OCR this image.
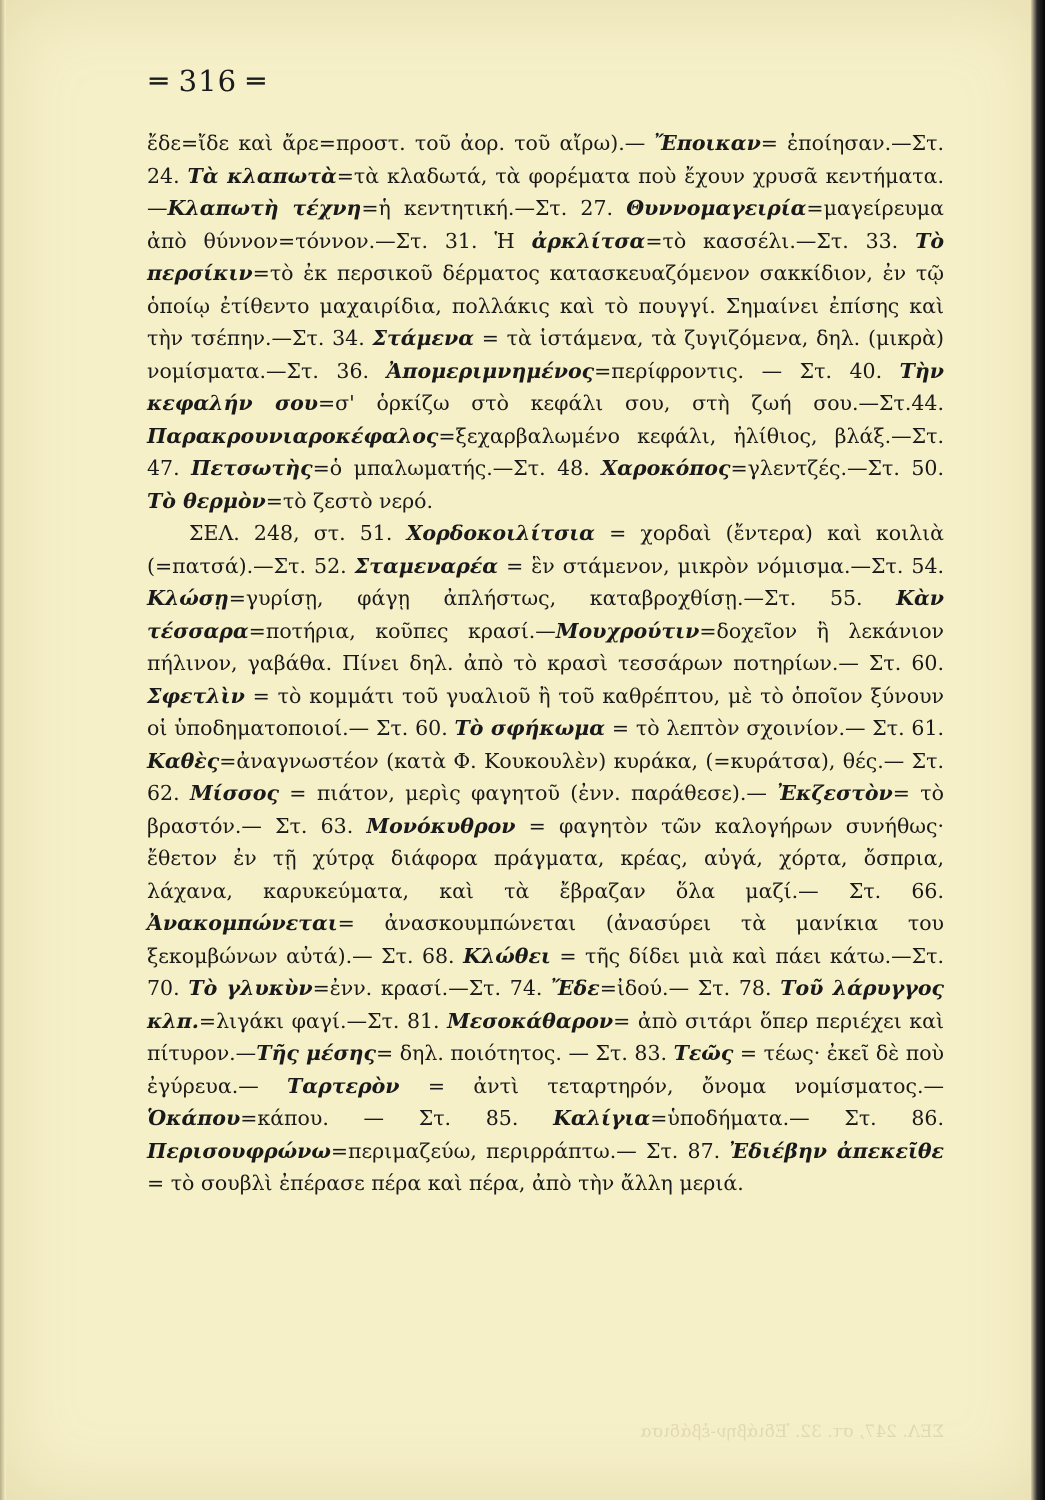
═ 316 ═

ἔδε=ἴδε καὶ ἄρε=προστ. τοῦ ἀορ. τοῦ αἴρω).— Ἔποικαν= ἐποίησαν.—Στ. 24. Τὰ κλαπωτὰ=τὰ κλαδωτά, τὰ φορέματα ποὺ ἔχουν χρυσᾶ κεντήματα.—Κλαπωτὴ τέχνη=ἡ κεντητική.—Στ. 27. Θυννομαγειρία=μαγείρευμα ἀπὸ θύννον=τόννον.—Στ. 31. Ἡ ἀρκλίτσα=τὸ κασσέλι.—Στ. 33. Τὸ περσίκιν=τὸ ἐκ περσικοῦ δέρματος κατασκευαζόμενον σακκίδιον, ἐν τῷ ὁποίῳ ἐτίθεντο μαχαιρίδια, πολλάκις καὶ τὸ πουγγί. Σημαίνει ἐπίσης καὶ τὴν τσέπην.—Στ. 34. Στάμενα = τὰ ἱστάμενα, τὰ ζυγιζόμενα, δηλ. (μικρὰ) νομίσματα.—Στ. 36. Ἀπομεριμνημένος=περίφροντις. — Στ. 40. Τὴν κεφαλήν σου=σ' ὁρκίζω στὸ κεφάλι σου, στὴ ζωή σου.—Στ.44. Παρακρουνιαροκέφαλος=ξεχαρβαλωμένο κεφάλι, ἠλίθιος, βλάξ.—Στ. 47. Πετσωτὴς=ὁ μπαλωματής.—Στ. 48. Χαροκόπος=γλεντζές.—Στ. 50. Τὸ θερμὸν=τὸ ζεστὸ νερό.

ΣΕΛ. 248, στ. 51. Χορδοκοιλίτσια = χορδαὶ (ἔντερα) καὶ κοιλιὰ (=πατσά).—Στ. 52. Σταμεναρέα = ἓν στάμενον, μικρὸν νόμισμα.—Στ. 54. Κλώσῃ=γυρίσῃ, φάγῃ ἀπλήστως, καταβροχθίσῃ.—Στ. 55. Κὰν τέσσαρα=ποτήρια, κοῦπες κρασί.—Μουχρούτιν=δοχεῖον ἢ λεκάνιον πήλινον, γαβάθα. Πίνει δηλ. ἀπὸ τὸ κρασὶ τεσσάρων ποτηρίων.— Στ. 60. Σφετλὶν = τὸ κομμάτι τοῦ γυαλιοῦ ἢ τοῦ καθρέπτου, μὲ τὸ ὁποῖον ξύνουν οἱ ὑποδηματοποιοί.— Στ. 60. Τὸ σφήκωμα = τὸ λεπτὸν σχοινίον.— Στ. 61. Καθὲς=ἀναγνωστέον (κατὰ Φ. Κουκουλὲν) κυράκα, (=κυράτσα), θές.— Στ. 62. Μίσσος = πιάτον, μερὶς φαγητοῦ (ἐνν. παράθεσε).— Ἐκζεστὸν= τὸ βραστόν.— Στ. 63. Μονόκυθρον = φαγητὸν τῶν καλογήρων συνήθως· ἔθετον ἐν τῇ χύτρᾳ διάφορα πράγματα, κρέας, αὐγά, χόρτα, ὄσπρια, λάχανα, καρυκεύματα, καὶ τὰ ἔβραζαν ὅλα μαζί.— Στ. 66. Ἀνακομπώνεται= ἀνασκουμπώνεται (ἀνασύρει τὰ μανίκια του ξεκομβώνων αὐτά).— Στ. 68. Κλώθει = τῆς δίδει μιὰ καὶ πάει κάτω.—Στ. 70. Τὸ γλυκὺν=ἐνν. κρασί.—Στ. 74. Ἔδε=ἰδού.— Στ. 78. Τοῦ λάρυγγος κλπ.=λιγάκι φαγί.—Στ. 81. Μεσοκάθαρον= ἀπὸ σιτάρι ὅπερ περιέχει καὶ πίτυρον.—Τῆς μέσης= δηλ. ποιότητος. — Στ. 83. Τεῶς = τέως· ἐκεῖ δὲ ποὺ ἐγύρευα.— Ταρτερὸν = ἀντὶ τεταρτηρόν, ὄνομα νομίσματος.—Ὁκάπου=κάπου. — Στ. 85. Καλίγια=ὑποδήματα.— Στ. 86. Περισουφρώνω=περιμαζεύω, περιρράπτω.— Στ. 87. Ἐδιέβην ἀπεκεῖθε = τὸ σουβλὶ ἐπέρασε πέρα καὶ πέρα, ἀπὸ τὴν ἄλλη μεριά.

ΣΕΛ. 247, στ. 32. Ἐδιάβην-ἐβάδισα
